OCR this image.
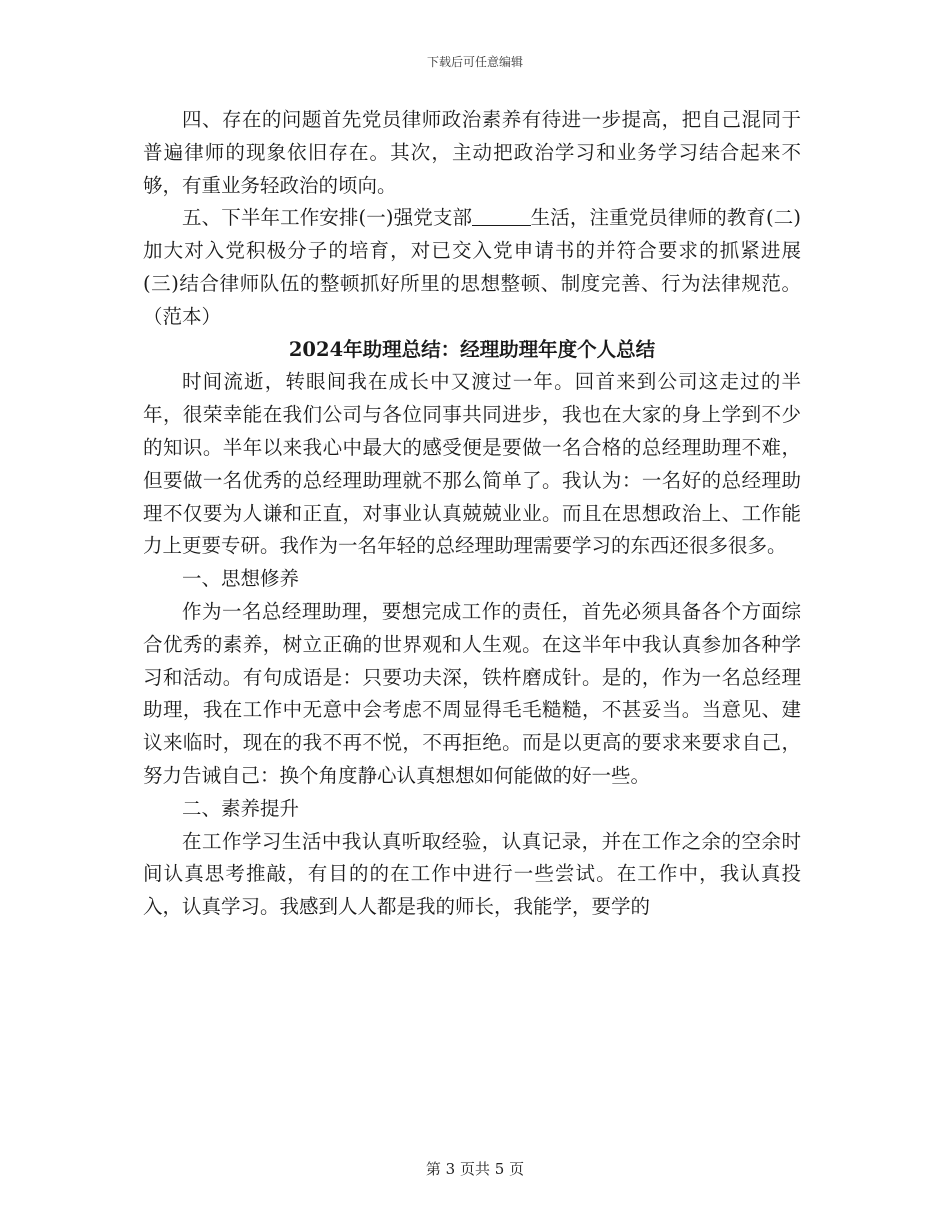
下载后可任意编辑

四、存在的问题首先党员律师政治素养有待进一步提高，把自己混同于普遍律师的现象依旧存在。其次，主动把政治学习和业务学习结合起来不够，有重业务轻政治的顷向。

五、下半年工作安排(一)强党支部	生活，注重党员律师的教育(二)加大对入党积极分子的培育，对已交入党申请书的并符合要求的抓紧进展(三)结合律师队伍的整顿抓好所里的思想整顿、制度完善、行为法律规范。（范本）

2024年助理总结：经理助理年度个人总结

时间流逝，转眼间我在成长中又渡过一年。回首来到公司这走过的半年，很荣幸能在我们公司与各位同事共同进步，我也在大家的身上学到不少的知识。半年以来我心中最大的感受便是要做一名合格的总经理助理不难，但要做一名优秀的总经理助理就不那么简单了。我认为：一名好的总经理助理不仅要为人谦和正直，对事业认真兢兢业业。而且在思想政治上、工作能力上更要专研。我作为一名年轻的总经理助理需要学习的东西还很多很多。

一、思想修养

作为一名总经理助理，要想完成工作的责任，首先必须具备各个方面综合优秀的素养，树立正确的世界观和人生观。在这半年中我认真参加各种学习和活动。有句成语是：只要功夫深，铁杵磨成针。是的，作为一名总经理助理，我在工作中无意中会考虑不周显得毛毛糙糙，不甚妥当。当意见、建议来临时，现在的我不再不悦，不再拒绝。而是以更高的要求来要求自己，努力告诫自己：换个角度静心认真想想如何能做的好一些。

二、素养提升

在工作学习生活中我认真听取经验，认真记录，并在工作之余的空余时间认真思考推敲，有目的的在工作中进行一些尝试。在工作中，我认真投入，认真学习。我感到人人都是我的师长，我能学，要学的

第 3 页共 5 页
